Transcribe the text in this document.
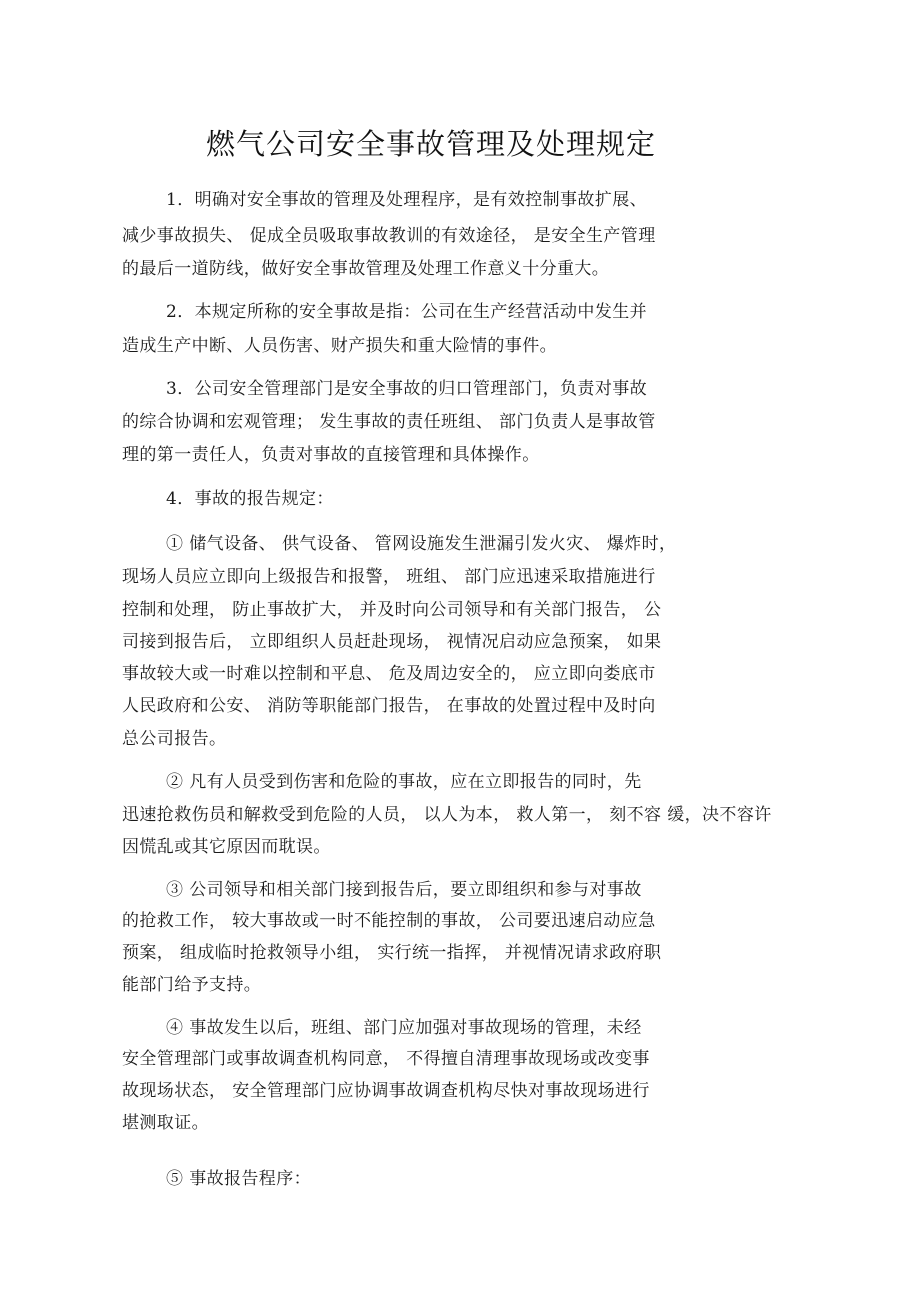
燃气公司安全事故管理及处理规定
1．明确对安全事故的管理及处理程序，是有效控制事故扩展、
减少事故损失、 促成全员吸取事故教训的有效途径， 是安全生产管理
的最后一道防线，做好安全事故管理及处理工作意义十分重大。
2．本规定所称的安全事故是指：公司在生产经营活动中发生并
造成生产中断、人员伤害、财产损失和重大险情的事件。
3．公司安全管理部门是安全事故的归口管理部门，负责对事故
的综合协调和宏观管理； 发生事故的责任班组、 部门负责人是事故管
理的第一责任人，负责对事故的直接管理和具体操作。
4．事故的报告规定：
① 储气设备、 供气设备、 管网设施发生泄漏引发火灾、 爆炸时，
现场人员应立即向上级报告和报警， 班组、 部门应迅速采取措施进行
控制和处理， 防止事故扩大， 并及时向公司领导和有关部门报告， 公
司接到报告后， 立即组织人员赶赴现场， 视情况启动应急预案， 如果
事故较大或一时难以控制和平息、 危及周边安全的， 应立即向娄底市
人民政府和公安、 消防等职能部门报告， 在事故的处置过程中及时向
总公司报告。
② 凡有人员受到伤害和危险的事故，应在立即报告的同时，先
迅速抢救伤员和解救受到危险的人员， 以人为本， 救人第一， 刻不容 缓，决不容许
因慌乱或其它原因而耽误。
③ 公司领导和相关部门接到报告后，要立即组织和参与对事故
的抢救工作， 较大事故或一时不能控制的事故， 公司要迅速启动应急
预案， 组成临时抢救领导小组， 实行统一指挥， 并视情况请求政府职
能部门给予支持。
④ 事故发生以后，班组、部门应加强对事故现场的管理，未经
安全管理部门或事故调查机构同意， 不得擅自清理事故现场或改变事
故现场状态， 安全管理部门应协调事故调查机构尽快对事故现场进行
堪测取证。
⑤ 事故报告程序：
